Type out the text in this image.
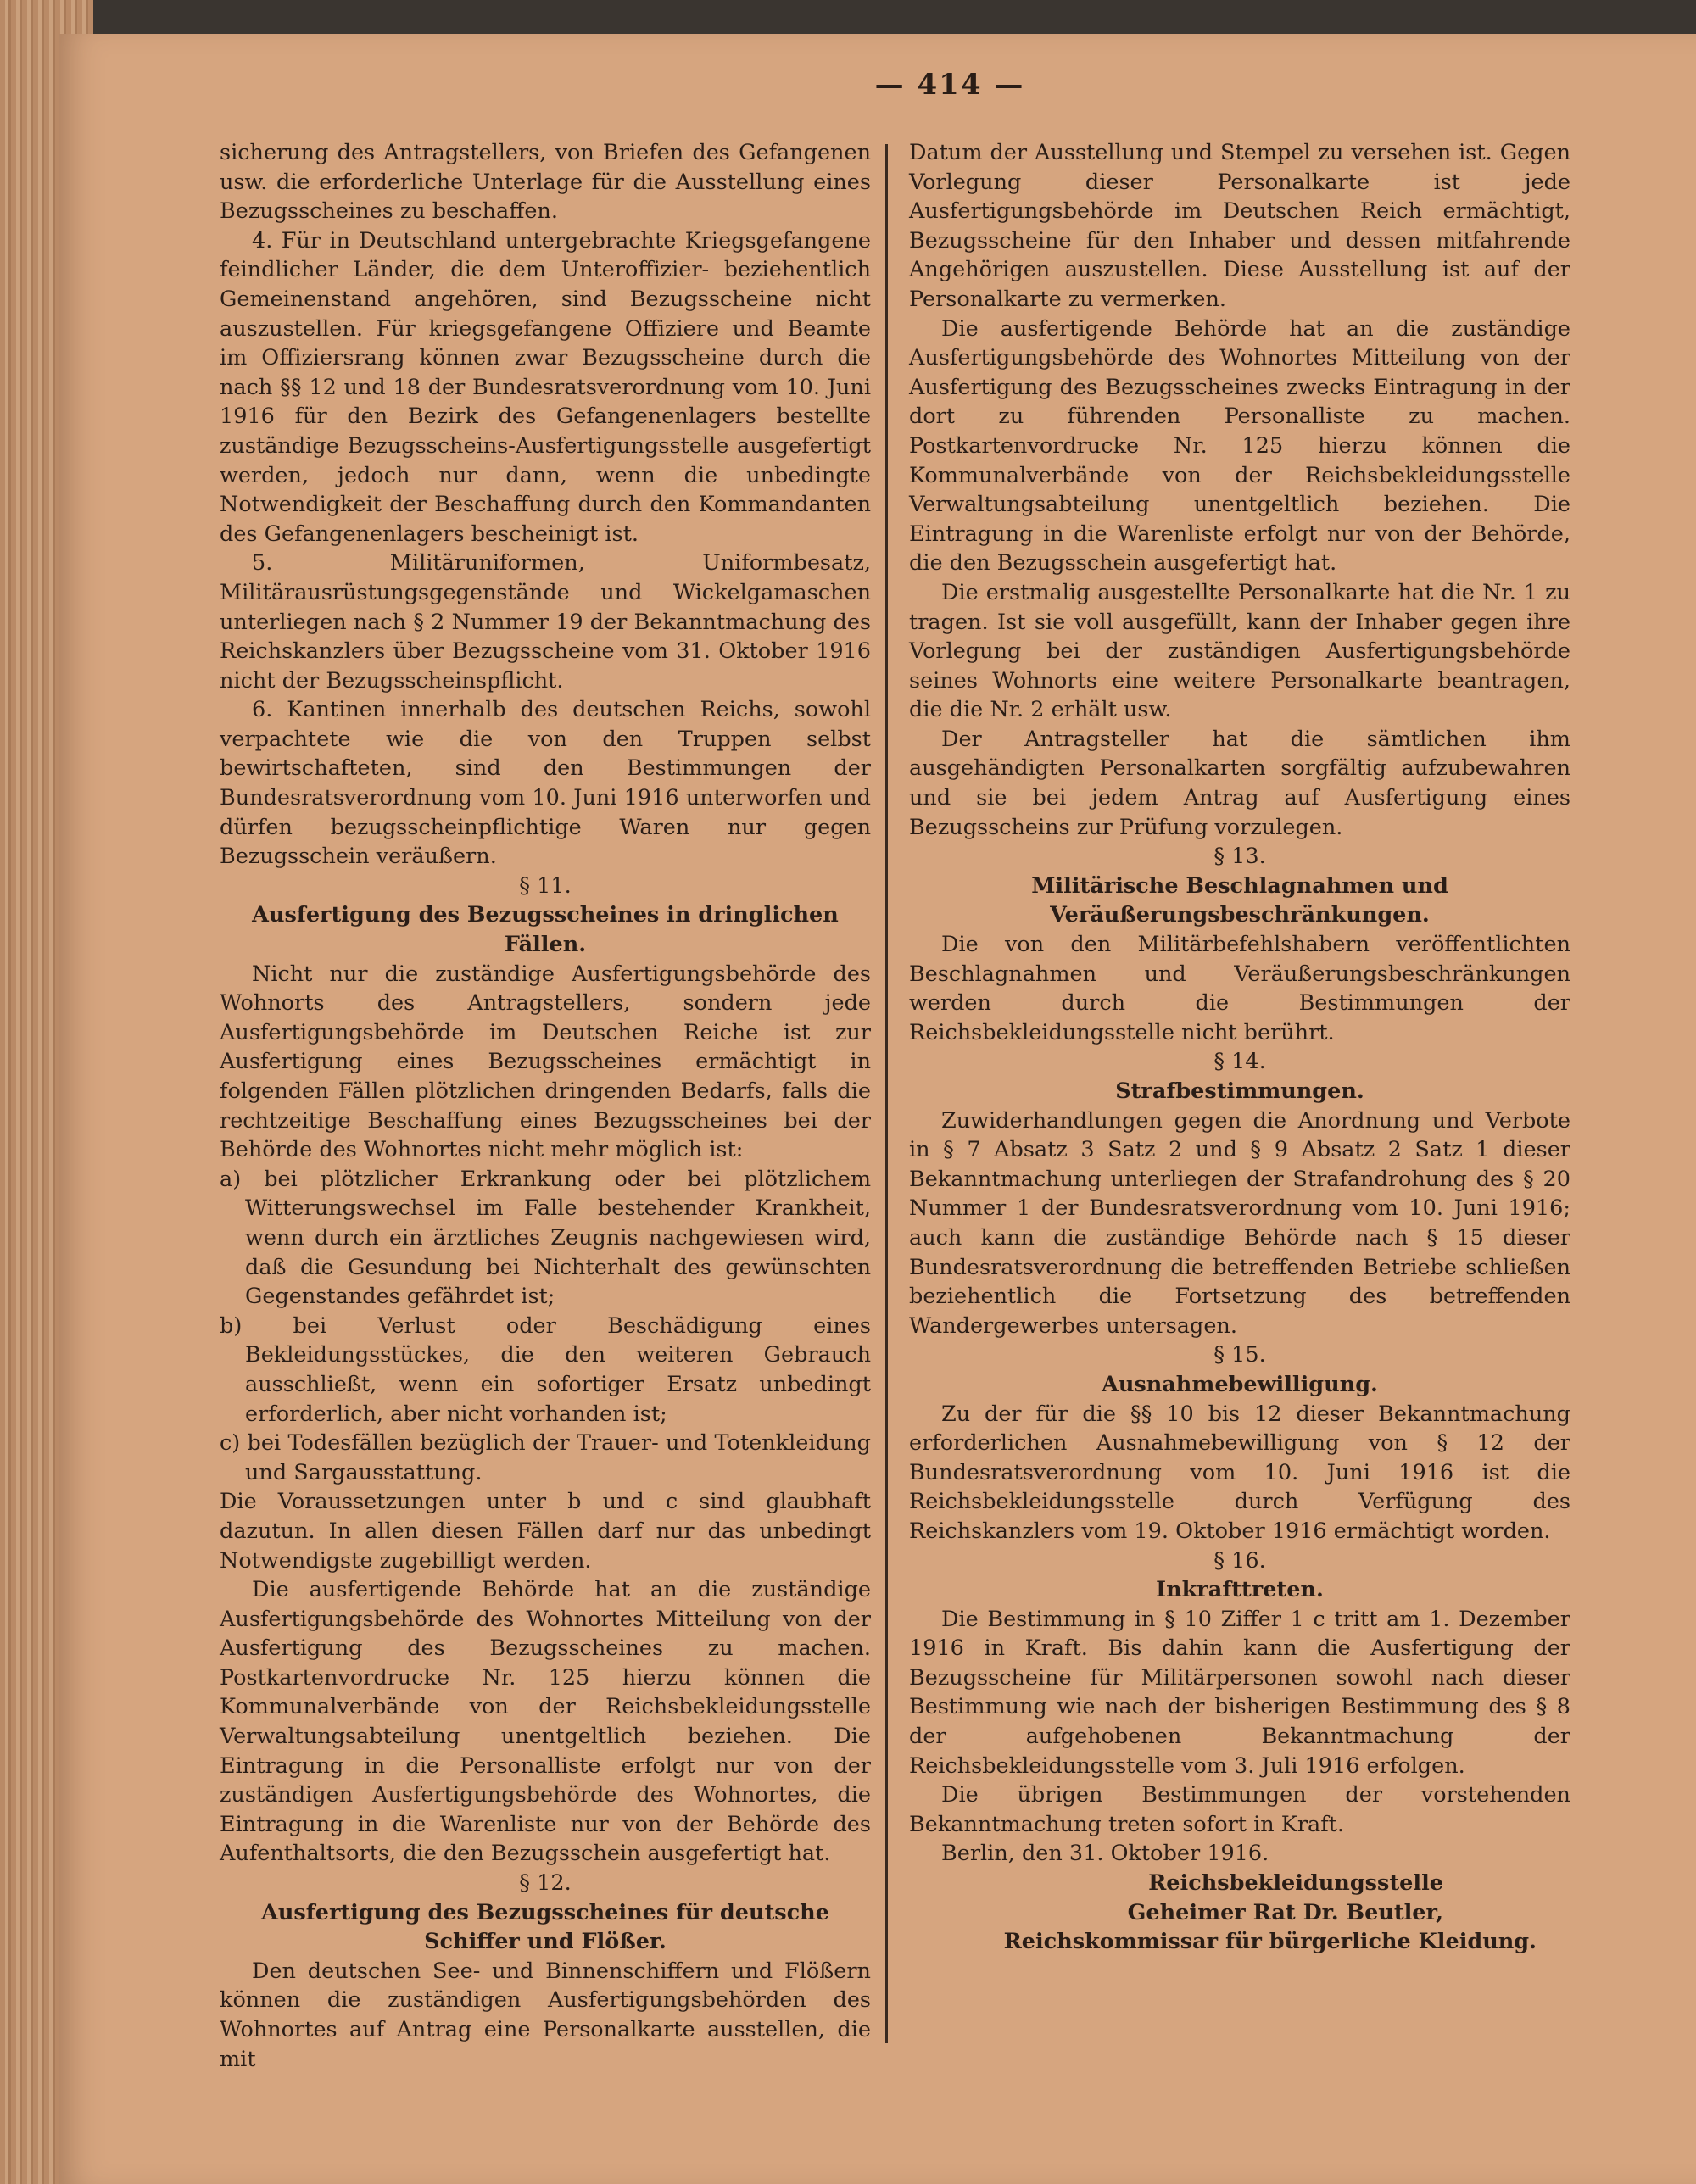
— 414 —

sicherung des Antragstellers, von Briefen des Gefangenen usw. die erforderliche Unterlage für die Ausstellung eines Bezugsscheines zu beschaffen.

4. Für in Deutschland untergebrachte Kriegsgefangene feindlicher Länder, die dem Unteroffizier- beziehentlich Gemeinenstand angehören, sind Bezugsscheine nicht auszustellen. Für kriegsgefangene Offiziere und Beamte im Offiziersrang können zwar Bezugsscheine durch die nach §§ 12 und 18 der Bundesratsverordnung vom 10. Juni 1916 für den Bezirk des Gefangenenlagers bestellte zuständige Bezugsscheins-Ausfertigungsstelle ausgefertigt werden, jedoch nur dann, wenn die unbedingte Notwendigkeit der Beschaffung durch den Kommandanten des Gefangenenlagers bescheinigt ist.

5. Militäruniformen, Uniformbesatz, Militärausrüstungsgegenstände und Wickelgamaschen unterliegen nach § 2 Nummer 19 der Bekanntmachung des Reichskanzlers über Bezugsscheine vom 31. Oktober 1916 nicht der Bezugsscheinspflicht.

6. Kantinen innerhalb des deutschen Reichs, sowohl verpachtete wie die von den Truppen selbst bewirtschafteten, sind den Bestimmungen der Bundesratsverordnung vom 10. Juni 1916 unterworfen und dürfen bezugsscheinpflichtige Waren nur gegen Bezugsschein veräußern.

§ 11.

Ausfertigung des Bezugsscheines in dringlichen Fällen.

Nicht nur die zuständige Ausfertigungsbehörde des Wohnorts des Antragstellers, sondern jede Ausfertigungsbehörde im Deutschen Reiche ist zur Ausfertigung eines Bezugsscheines ermächtigt in folgenden Fällen plötzlichen dringenden Bedarfs, falls die rechtzeitige Beschaffung eines Bezugsscheines bei der Behörde des Wohnortes nicht mehr möglich ist:

a) bei plötzlicher Erkrankung oder bei plötzlichem Witterungswechsel im Falle bestehender Krankheit, wenn durch ein ärztliches Zeugnis nachgewiesen wird, daß die Gesundung bei Nichterhalt des gewünschten Gegenstandes gefährdet ist;

b) bei Verlust oder Beschädigung eines Bekleidungsstückes, die den weiteren Gebrauch ausschließt, wenn ein sofortiger Ersatz unbedingt erforderlich, aber nicht vorhanden ist;

c) bei Todesfällen bezüglich der Trauer- und Totenkleidung und Sargausstattung.

Die Voraussetzungen unter b und c sind glaubhaft dazutun. In allen diesen Fällen darf nur das unbedingt Notwendigste zugebilligt werden.

Die ausfertigende Behörde hat an die zuständige Ausfertigungsbehörde des Wohnortes Mitteilung von der Ausfertigung des Bezugsscheines zu machen. Postkartenvordrucke Nr. 125 hierzu können die Kommunalverbände von der Reichsbekleidungsstelle Verwaltungsabteilung unentgeltlich beziehen. Die Eintragung in die Personalliste erfolgt nur von der zuständigen Ausfertigungsbehörde des Wohnortes, die Eintragung in die Warenliste nur von der Behörde des Aufenthaltsorts, die den Bezugsschein ausgefertigt hat.

§ 12.

Ausfertigung des Bezugsscheines für deutsche Schiffer und Flößer.

Den deutschen See- und Binnenschiffern und Flößern können die zuständigen Ausfertigungsbehörden des Wohnortes auf Antrag eine Personalkarte ausstellen, die mit

Datum der Ausstellung und Stempel zu versehen ist. Gegen Vorlegung dieser Personalkarte ist jede Ausfertigungsbehörde im Deutschen Reich ermächtigt, Bezugsscheine für den Inhaber und dessen mitfahrende Angehörigen auszustellen. Diese Ausstellung ist auf der Personalkarte zu vermerken.

Die ausfertigende Behörde hat an die zuständige Ausfertigungsbehörde des Wohnortes Mitteilung von der Ausfertigung des Bezugsscheines zwecks Eintragung in der dort zu führenden Personalliste zu machen. Postkartenvordrucke Nr. 125 hierzu können die Kommunalverbände von der Reichsbekleidungsstelle Verwaltungsabteilung unentgeltlich beziehen. Die Eintragung in die Warenliste erfolgt nur von der Behörde, die den Bezugsschein ausgefertigt hat.

Die erstmalig ausgestellte Personalkarte hat die Nr. 1 zu tragen. Ist sie voll ausgefüllt, kann der Inhaber gegen ihre Vorlegung bei der zuständigen Ausfertigungsbehörde seines Wohnorts eine weitere Personalkarte beantragen, die die Nr. 2 erhält usw.

Der Antragsteller hat die sämtlichen ihm ausgehändigten Personalkarten sorgfältig aufzubewahren und sie bei jedem Antrag auf Ausfertigung eines Bezugsscheins zur Prüfung vorzulegen.

§ 13.

Militärische Beschlagnahmen und Veräußerungsbeschränkungen.

Die von den Militärbefehlshabern veröffentlichten Beschlagnahmen und Veräußerungsbeschränkungen werden durch die Bestimmungen der Reichsbekleidungsstelle nicht berührt.

§ 14.

Strafbestimmungen.

Zuwiderhandlungen gegen die Anordnung und Verbote in § 7 Absatz 3 Satz 2 und § 9 Absatz 2 Satz 1 dieser Bekanntmachung unterliegen der Strafandrohung des § 20 Nummer 1 der Bundesratsverordnung vom 10. Juni 1916; auch kann die zuständige Behörde nach § 15 dieser Bundesratsverordnung die betreffenden Betriebe schließen beziehentlich die Fortsetzung des betreffenden Wandergewerbes untersagen.

§ 15.

Ausnahmebewilligung.

Zu der für die §§ 10 bis 12 dieser Bekanntmachung erforderlichen Ausnahmebewilligung von § 12 der Bundesratsverordnung vom 10. Juni 1916 ist die Reichsbekleidungsstelle durch Verfügung des Reichskanzlers vom 19. Oktober 1916 ermächtigt worden.

§ 16.

Inkrafttreten.

Die Bestimmung in § 10 Ziffer 1 c tritt am 1. Dezember 1916 in Kraft. Bis dahin kann die Ausfertigung der Bezugsscheine für Militärpersonen sowohl nach dieser Bestimmung wie nach der bisherigen Bestimmung des § 8 der aufgehobenen Bekanntmachung der Reichsbekleidungsstelle vom 3. Juli 1916 erfolgen.

Die übrigen Bestimmungen der vorstehenden Bekanntmachung treten sofort in Kraft.

Berlin, den 31. Oktober 1916.

Reichsbekleidungsstelle

Geheimer Rat Dr. Beutler,

Reichskommissar für bürgerliche Kleidung.
